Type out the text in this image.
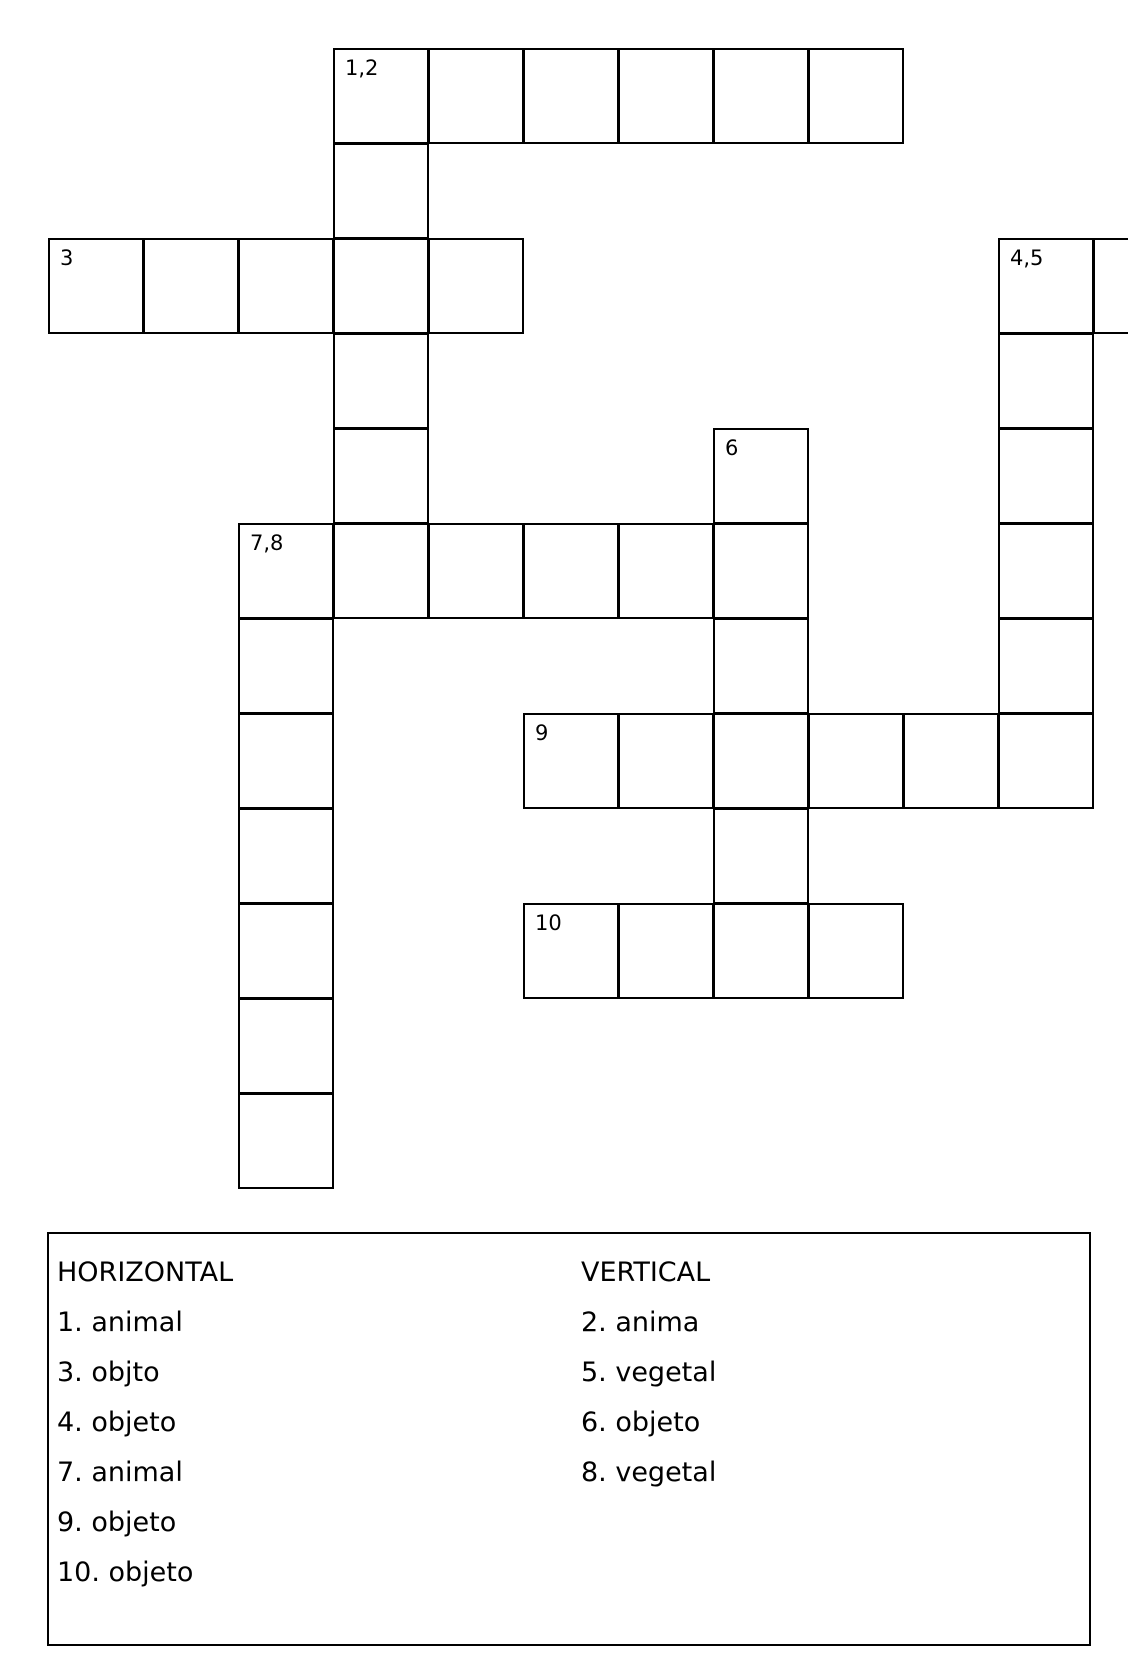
1,2
3	4,5
6
7,8
9
10
HORIZONTAL
1. animal
3. objto
4. objeto
7. animal
9. objeto
10. objeto
VERTICAL
2. anima
5. vegetal
6. objeto
8. vegetal
